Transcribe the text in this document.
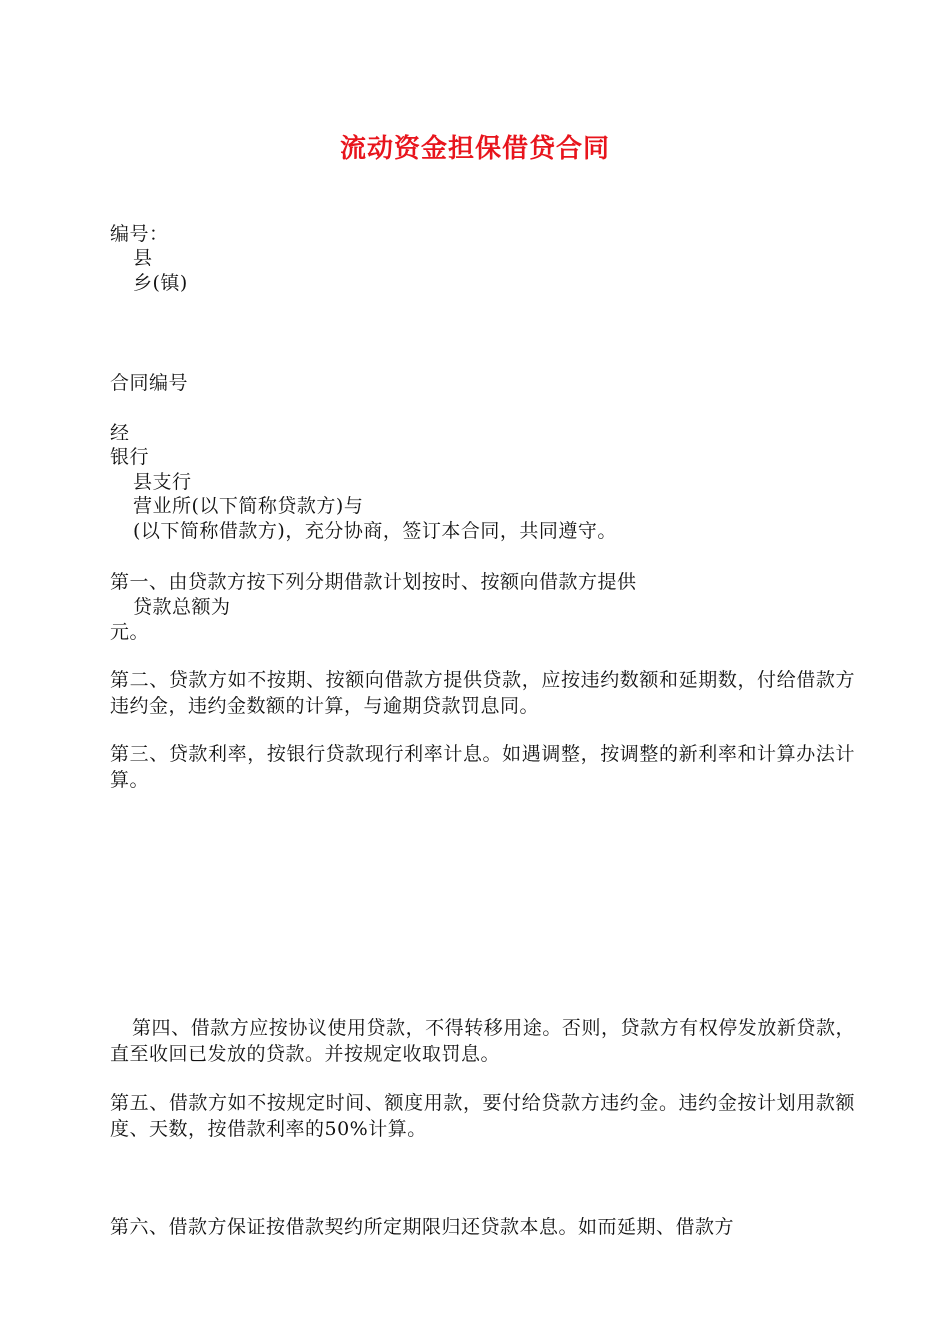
流动资金担保借贷合同
编号：
县
乡(镇)
合同编号
经
银行
县支行
营业所(以下简称贷款方)与
(以下简称借款方)，充分协商，签订本合同，共同遵守。
第一、由贷款方按下列分期借款计划按时、按额向借款方提供
贷款总额为
元。
第二、贷款方如不按期、按额向借款方提供贷款，应按违约数额和延期数，付给借款方违约金，违约金数额的计算，与逾期贷款罚息同。
第三、贷款利率，按银行贷款现行利率计息。如遇调整，按调整的新利率和计算办法计算。
第四、借款方应按协议使用贷款，不得转移用途。否则，贷款方有权停发放新贷款，直至收回已发放的贷款。并按规定收取罚息。
第五、借款方如不按规定时间、额度用款，要付给贷款方违约金。违约金按计划用款额度、天数，按借款利率的50%计算。
第六、借款方保证按借款契约所定期限归还贷款本息。如而延期、借款方
